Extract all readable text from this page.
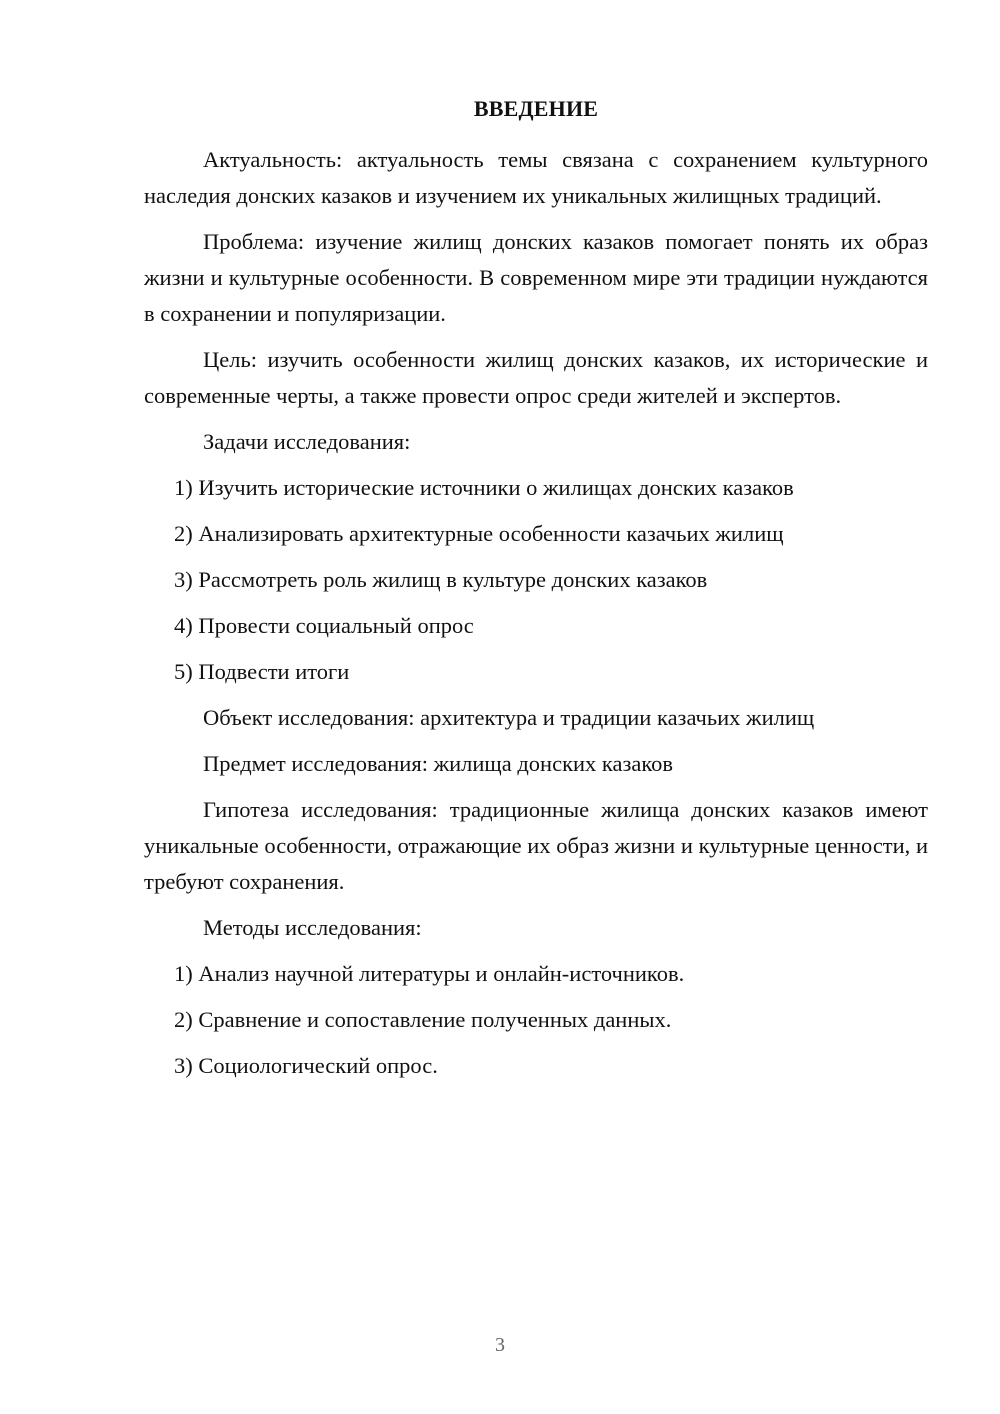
ВВЕДЕНИЕ

Актуальность: актуальность темы связана с сохранением культурного наследия донских казаков и изучением их уникальных жилищных традиций.

Проблема: изучение жилищ донских казаков помогает понять их образ жизни и культурные особенности. В современном мире эти традиции нуждаются в сохранении и популяризации.

Цель: изучить особенности жилищ донских казаков, их исторические и современные черты, а также провести опрос среди жителей и экспертов.

Задачи исследования:
1) Изучить исторические источники о жилищах донских казаков
2) Анализировать архитектурные особенности казачьих жилищ
3) Рассмотреть роль жилищ в культуре донских казаков
4) Провести социальный опрос
5) Подвести итоги
Объект исследования: архитектура и традиции казачьих жилищ
Предмет исследования: жилища донских казаков

Гипотеза исследования: традиционные жилища донских казаков имеют уникальные особенности, отражающие их образ жизни и культурные ценности, и требуют сохранения.

Методы исследования:
1) Анализ научной литературы и онлайн-источников.
2) Сравнение и сопоставление полученных данных.
3) Социологический опрос.
3
